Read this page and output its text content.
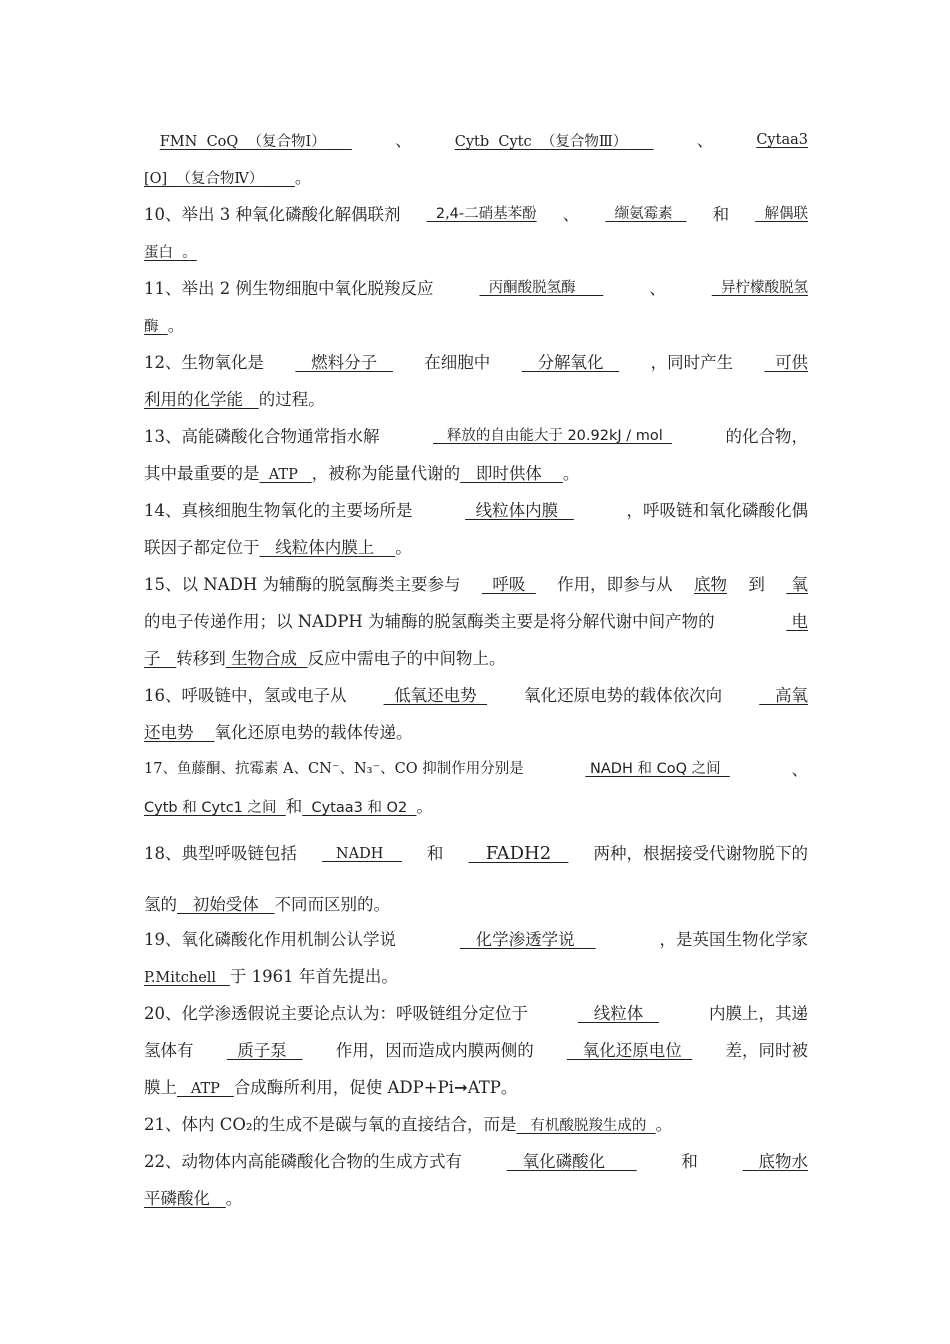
FMN  CoQ  （复合物Ⅰ）	、	Cytb  Cytc  （复合物Ⅲ）	、	Cytaa3
[O]  （复合物Ⅳ） 。
10、举出 3 种氧化磷酸化解偶联剂 2,4-二硝基苯酚 、 缬氨霉素 和 解偶联
蛋白  。
11、举出 2 例生物细胞中氧化脱羧反应	丙酮酸脱氢酶	、	异柠檬酸脱氢
酶  。
12、生物氧化是 燃料分子 在细胞中 分解氧化 ，同时产生 可供
利用的化学能   的过程。
13、高能磷酸化合物通常指水解	释放的自由能大于 20.92kJ / mol	的化合物，
其中最重要的是  ATP   ，被称为能量代谢的   即时供体    。
14、真核细胞生物氧化的主要场所是	线粒体内膜	，呼吸链和氧化磷酸化偶
联因子都定位于   线粒体内膜上    。
15、以 NADH 为辅酶的脱氢酶类主要参与 呼吸 作用，即参与从 底物 到 氧
的电子传递作用；以 NADPH 为辅酶的脱氢酶类主要是将分解代谢中间产物的	电
子   转移到 生物合成  反应中需电子的中间物上。
16、呼吸链中，氢或电子从 低氧还电势 氧化还原电势的载体依次向 高氧
还电势    氧化还原电势的载体传递。
17、鱼藤酮、抗霉素 A、CN⁻、N₃⁻、CO 抑制作用分别是	NADH 和 CoQ 之间	、
Cytb 和 Cytc1 之间  和  Cytaa3 和 O2  。
18、典型呼吸链包括 NADH 和 FADH2 两种，根据接受代谢物脱下的
氢的   初始受体   不同而区别的。
19、氧化磷酸化作用机制公认学说	化学渗透学说	，是英国生物化学家
P.Mitchell   于 1961 年首先提出。
20、化学渗透假说主要论点认为：呼吸链组分定位于	线粒体	内膜上，其递
氢体有 质子泵 作用，因而造成内膜两侧的 氧化还原电位 差，同时被
膜上   ATP   合成酶所利用，促使 ADP+Pi➞ATP。
21、体内 CO₂的生成不是碳与氧的直接结合，而是   有机酸脱羧生成的  。
22、动物体内高能磷酸化合物的生成方式有	氧化磷酸化	和	底物水
平磷酸化   。
